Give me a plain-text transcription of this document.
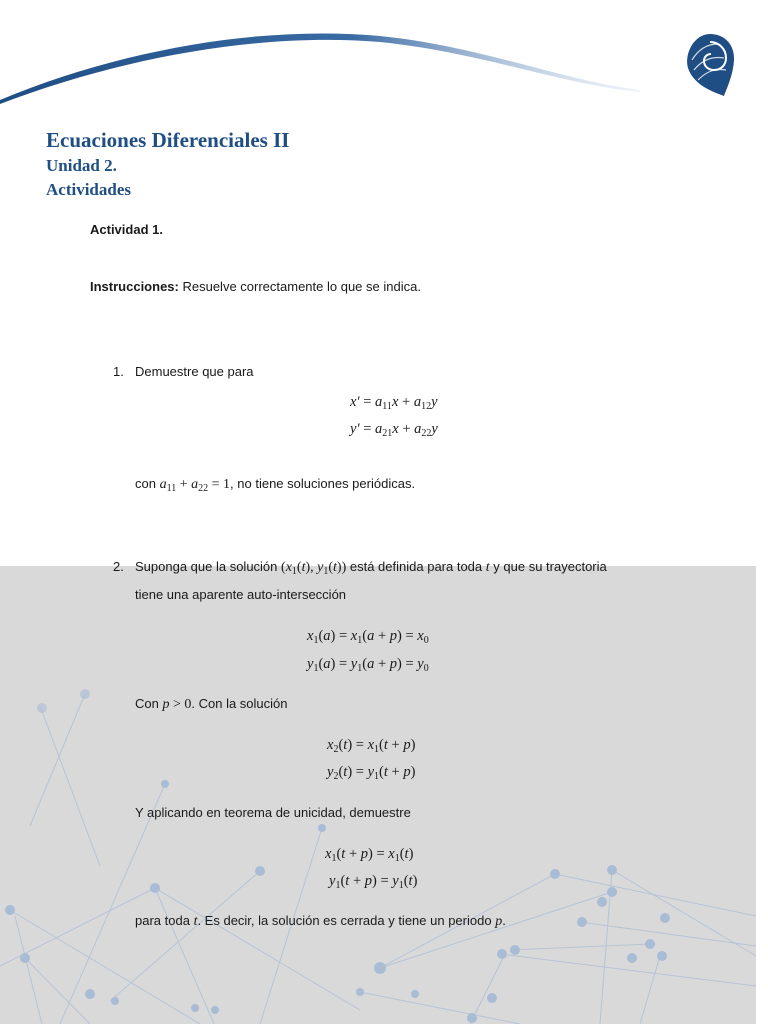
Ecuaciones Diferenciales II
Unidad 2.
Actividades
Actividad 1.
Instrucciones: Resuelve correctamente lo que se indica.
1. Demuestre que para
$x' = a_{11}x + a_{12}y$
$y' = a_{21}x + a_{22}y$
con $a_{11} + a_{22} = 1$, no tiene soluciones periódicas.
2. Suponga que la solución ($x_1(t)$, $y_1(t)$) está definida para toda t y que su trayectoria
tiene una aparente auto-intersección
$x_1(a) = x_1(a + p) = x_0$
$y_1(a) = y_1(a + p) = y_0$
Con p > 0. Con la solución
$x_2(t) = x_1(t + p)$
$y_2(t) = y_1(t + p)$
Y aplicando en teorema de unicidad, demuestre
$x_1(t + p) = x_1(t)$
$y_1(t + p) = y_1(t)$
para toda t. Es decir, la solución es cerrada y tiene un periodo p.
